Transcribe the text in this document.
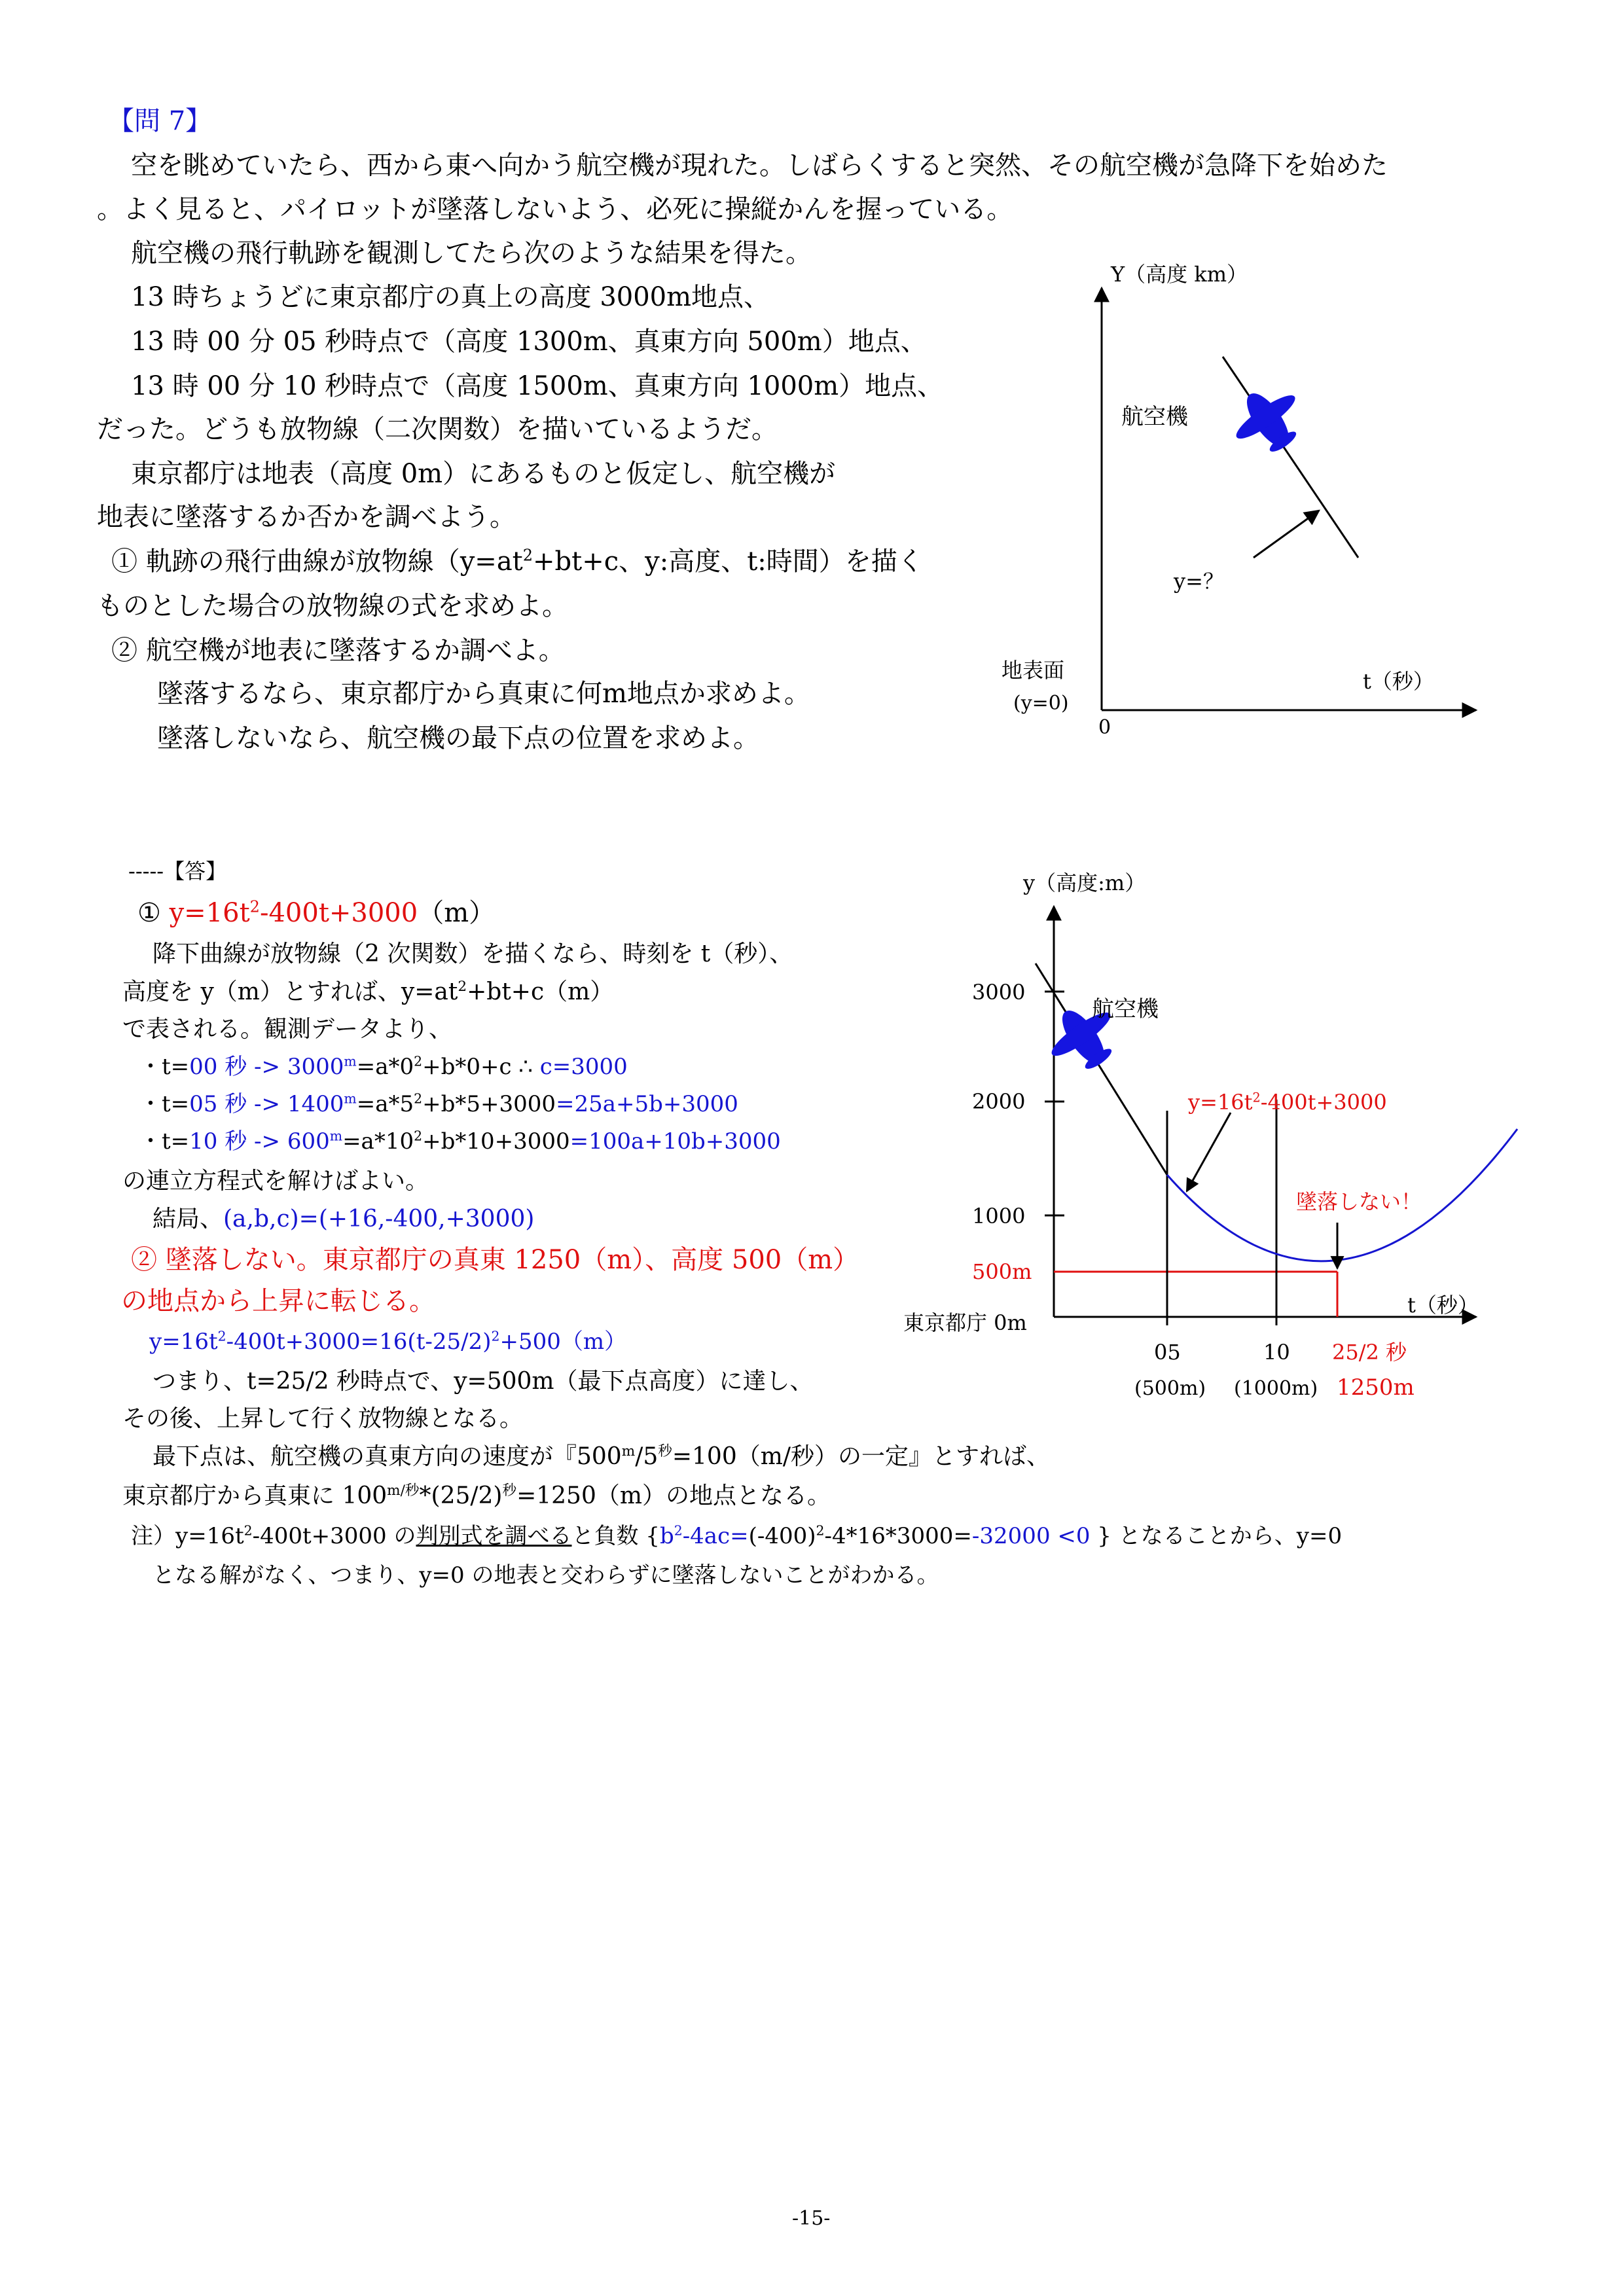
【問 7】
空を眺めていたら、西から東へ向かう航空機が現れた。しばらくすると突然、その航空機が急降下を始めた
。よく見ると、パイロットが墜落しないよう、必死に操縦かんを握っている。
航空機の飛行軌跡を観測してたら次のような結果を得た。
13 時ちょうどに東京都庁の真上の高度 3000m地点、
13 時 00 分 05 秒時点で（高度 1300m、真東方向 500m）地点、
13 時 00 分 10 秒時点で（高度 1500m、真東方向 1000m）地点、
だった。どうも放物線（二次関数）を描いているようだ。
東京都庁は地表（高度 0m）にあるものと仮定し、航空機が
地表に墜落するか否かを調べよう。
① 軌跡の飛行曲線が放物線（$y=at^2+bt+c$、y:高度、t:時間）を描く
ものとした場合の放物線の式を求めよ。
② 航空機が地表に墜落するか調べよ。
墜落するなら、東京都庁から真東に何m地点か求めよ。
墜落しないなら、航空機の最下点の位置を求めよ。
Y（高度 km）
航空機
y=？
地表面
(y=0)
t（秒）
0
-----【答】
① $y=16t^2-400t+3000(m)$
降下曲線が放物線（2 次関数）を描くなら、時刻を t（秒）、
高度を y（m）とすれば、$y=at^2+bt+c(m)$
で表される。観測データより、
・t=00 秒 -> $3000^m=a*0^2+b*0+c$ ∴ c=3000
・t=05 秒 -> $1400^m=a*5^2+b*5+3000=25a+5b+3000$
・t=10 秒 -> $600^m=a*10^2+b*10+3000=100a+10b+3000$
の連立方程式を解けばよい。
結局、(a,b,c)=(+16,-400,+3000)
② 墜落しない。東京都庁の真東 1250（m）、高度 500（m）
の地点から上昇に転じる。
$y=16t^2-400t+3000=16(t-25/2)^2+500(m)$
つまり、t=25/2 秒時点で、y=500m（最下点高度）に達し、
その後、上昇して行く放物線となる。
最下点は、航空機の真東方向の速度が『$500^m/5^秒=100(m/$秒）の一定』とすれば、
東京都庁から真東に $100^{m/秒}*(25/2)^秒=1250(m)$の地点となる。
注）$y=16t^2-400t+3000$ の判別式を調べると負数 {$b^2-4ac=(-400)^2-4*16*3000=-32000 <0$ } となることから、y=0
となる解がなく、つまり、y=0 の地表と交わらずに墜落しないことがわかる。
y（高度:m）
3000
2000
1000
500m
東京都庁 0m
航空機
$y=16t^2-400t+3000$
墜落しない！
t（秒）
05	10 25/2 秒
(500m) (1000m) 1250m
-15-
